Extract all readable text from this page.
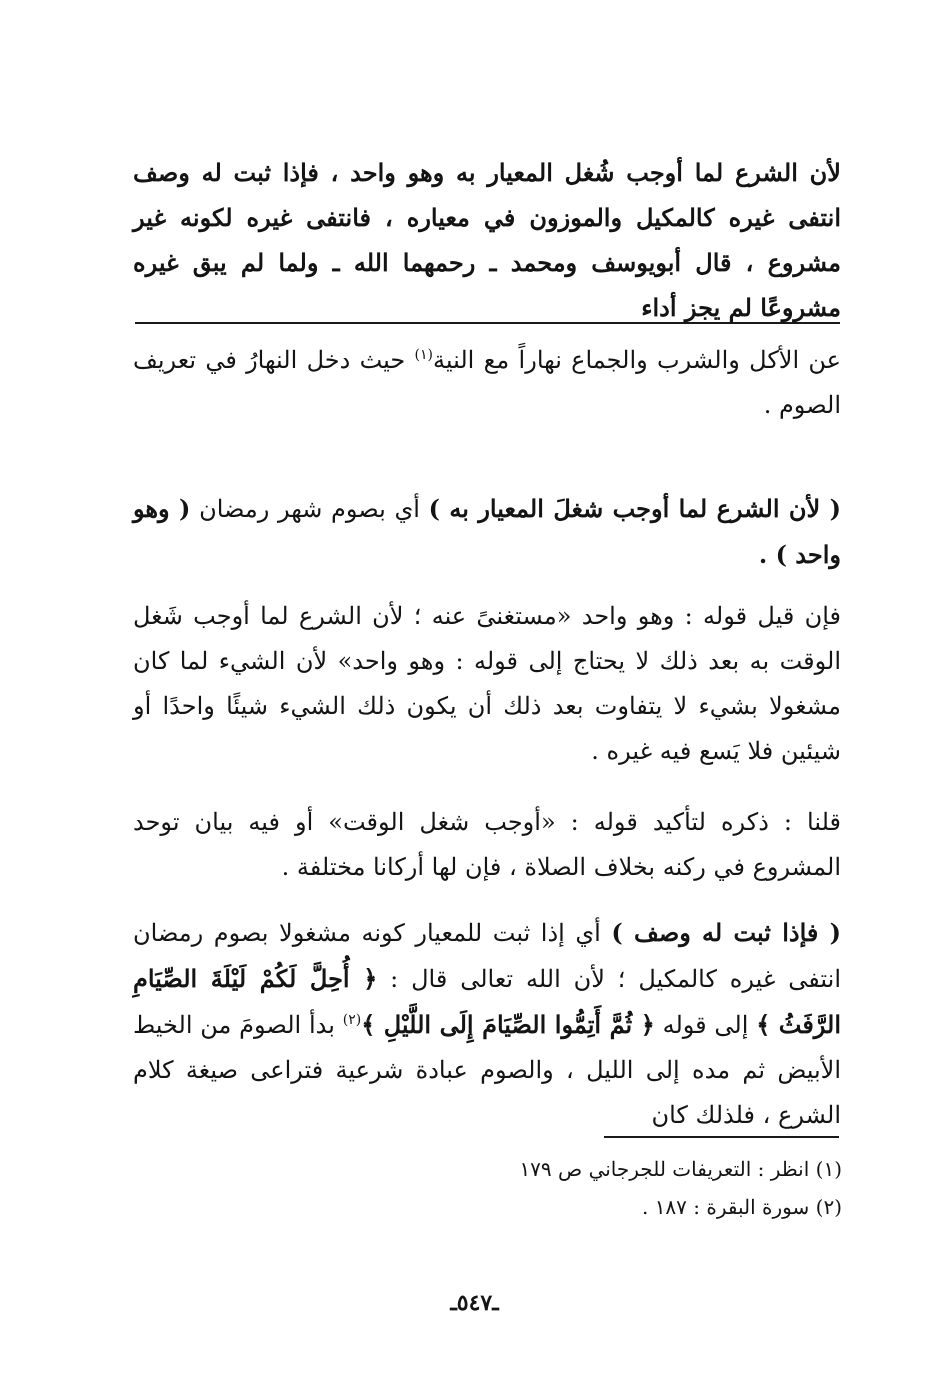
لأن الشرع لما أوجب شُغل المعيار به وهو واحد ، فإذا ثبت له وصف انتفى غيره كالمكيل والموزون في معياره ، فانتفى غيره لكونه غير مشروع ، قال أبويوسف ومحمد ـ رحمهما الله ـ ولما لم يبق غيره مشروعًا لم يجز أداء

عن الأكل والشرب والجماع نهاراً مع النية$^{(١)}$ حيث دخل النهارُ في تعريف الصوم .

( لأن الشرع لما أوجب شغلَ المعيار به ) أي بصوم شهر رمضان ( وهو واحد ) .

فإن قيل قوله : وهو واحد «مستغنىً عنه ؛ لأن الشرع لما أوجب شَغل الوقت به بعد ذلك لا يحتاج إلى قوله : وهو واحد» لأن الشيء لما كان مشغولا بشيء لا يتفاوت بعد ذلك أن يكون ذلك الشيء شيئًا واحدًا أو شيئين فلا يَسع فيه غيره .

قلنا : ذكره لتأكيد قوله : «أوجب شغل الوقت» أو فيه بيان توحد المشروع في ركنه بخلاف الصلاة ، فإن لها أركانا مختلفة .

( فإذا ثبت له وصف ) أي إذا ثبت للمعيار كونه مشغولا بصوم رمضان انتفى غيره كالمكيل ؛ لأن الله تعالى قال : ﴿ أُحِلَّ لَكُمْ لَيْلَةَ الصِّيَامِ الرَّفَثُ ﴾ إلى قوله ﴿ ثُمَّ أَتِمُّوا الصِّيَامَ إِلَى اللَّيْلِ ﴾$^{(٢)}$ بدأ الصومَ من الخيط الأبيض ثم مده إلى الليل ، والصوم عبادة شرعية فتراعى صيغة كلام الشرع ، فلذلك كان

(١) انظر : التعريفات للجرجاني ص ١٧٩
(٢) سورة البقرة : ١٨٧ .
ـ٥٤٧ـ
